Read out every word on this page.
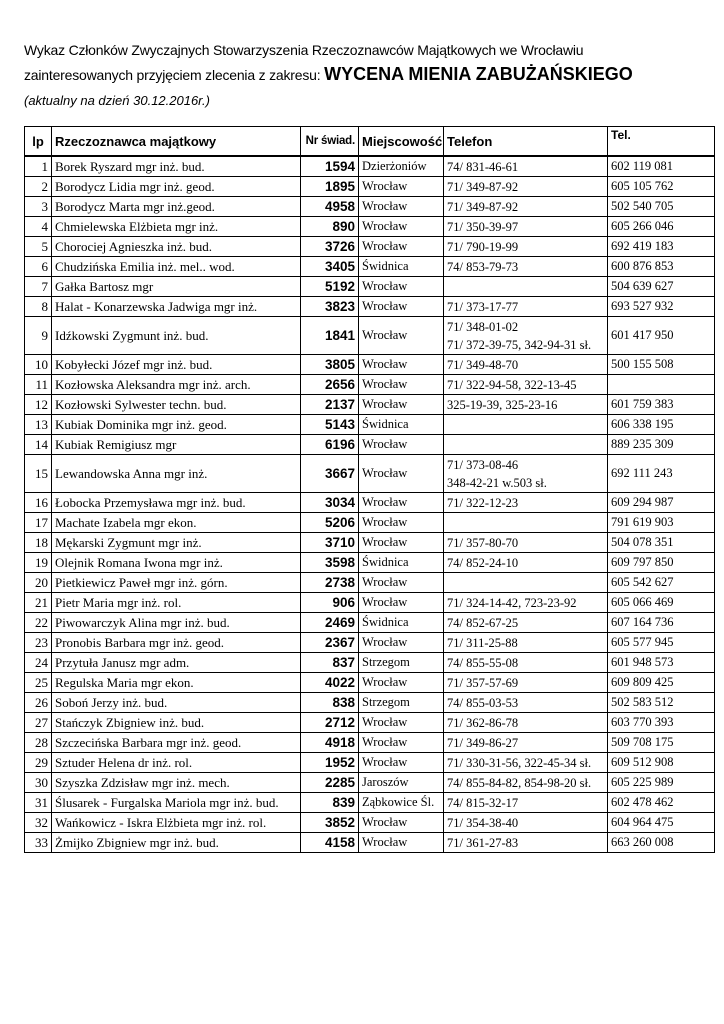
Wykaz Członków Zwyczajnych Stowarzyszenia Rzeczoznawców Majątkowych we Wrocławiu
zainteresowanych przyjęciem zlecenia z zakresu: WYCENA MIENIA ZABUŻAŃSKIEGO
(aktualny na dzień 30.12.2016r.)
lp	Rzeczoznawca majątkowy	Nr świad.	Miejscowość	Telefon	Tel.
1	Borek Ryszard mgr inż. bud.	1594	Dzierżoniów	74/ 831-46-61	602 119 081
2	Borodycz Lidia mgr inż. geod.	1895	Wrocław	71/ 349-87-92	605 105 762
3	Borodycz Marta mgr inż.geod.	4958	Wrocław	71/ 349-87-92	502 540 705
4	Chmielewska Elżbieta mgr inż.	890	Wrocław	71/ 350-39-97	605 266 046
5	Chorociej Agnieszka inż. bud.	3726	Wrocław	71/ 790-19-99	692 419 183
6	Chudzińska Emilia inż. mel.. wod.	3405	Świdnica	74/ 853-79-73	600 876 853
7	Gałka Bartosz mgr	5192	Wrocław		504 639 627
8	Halat - Konarzewska Jadwiga mgr inż.	3823	Wrocław	71/ 373-17-77	693 527 932
9	Idźkowski Zygmunt inż. bud.	1841	Wrocław	71/ 348-01-02
71/ 372-39-75, 342-94-31 sł.	601 417 950
10	Kobyłecki Józef mgr inż. bud.	3805	Wrocław	71/ 349-48-70	500 155 508
11	Kozłowska Aleksandra mgr inż. arch.	2656	Wrocław	71/ 322-94-58, 322-13-45	

12	Kozłowski Sylwester techn. bud.	2137	Wrocław	325-19-39, 325-23-16	601 759 383
13	Kubiak Dominika mgr inż. geod.	5143	Świdnica		606 338 195
14	Kubiak Remigiusz mgr	6196	Wrocław		889 235 309
15	Lewandowska Anna mgr inż.	3667	Wrocław	71/ 373-08-46
348-42-21 w.503 sł.	692 111 243
16	Łobocka Przemysława mgr inż. bud.	3034	Wrocław	71/ 322-12-23	609 294 987
17	Machate Izabela mgr ekon.	5206	Wrocław		791 619 903
18	Mękarski Zygmunt mgr inż.	3710	Wrocław	71/ 357-80-70	504 078 351
19	Olejnik Romana Iwona mgr inż.	3598	Świdnica	74/ 852-24-10	609 797 850
20	Pietkiewicz Paweł mgr inż. górn.	2738	Wrocław		605 542 627
21	Pietr Maria mgr inż. rol.	906	Wrocław	71/ 324-14-42, 723-23-92	605 066 469
22	Piwowarczyk Alina mgr inż. bud.	2469	Świdnica	74/ 852-67-25	607 164 736
23	Pronobis Barbara mgr inż. geod.	2367	Wrocław	71/ 311-25-88	605 577 945
24	Przytuła Janusz mgr adm.	837	Strzegom	74/ 855-55-08	601 948 573
25	Regulska Maria mgr ekon.	4022	Wrocław	71/ 357-57-69	609 809 425
26	Soboń Jerzy inż. bud.	838	Strzegom	74/ 855-03-53	502 583 512
27	Stańczyk Zbigniew inż. bud.	2712	Wrocław	71/ 362-86-78	603 770 393
28	Szczecińska Barbara mgr inż. geod.	4918	Wrocław	71/ 349-86-27	509 708 175
29	Sztuder Helena dr inż. rol.	1952	Wrocław	71/ 330-31-56, 322-45-34 sł.	609 512 908
30	Szyszka Zdzisław mgr inż. mech.	2285	Jaroszów	74/ 855-84-82, 854-98-20 sł.	605 225 989
31	Ślusarek - Furgalska Mariola mgr inż. bud.	839	Ząbkowice Śl.	74/ 815-32-17	602 478 462
32	Wańkowicz - Iskra Elżbieta mgr inż. rol.	3852	Wrocław	71/ 354-38-40	604 964 475
33	Żmijko Zbigniew mgr inż. bud.	4158	Wrocław	71/ 361-27-83	663 260 008
